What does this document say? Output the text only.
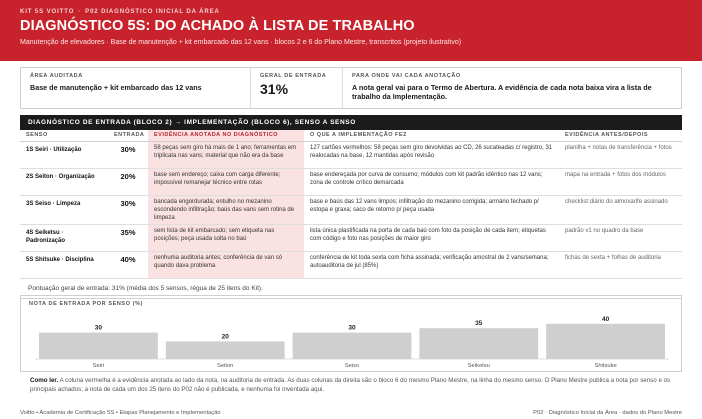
KIT 5S VOITTO · P02 DIAGNÓSTICO INICIAL DA ÁREA
DIAGNÓSTICO 5S: DO ACHADO À LISTA DE TRABALHO
Manutenção de elevadores · Base de manutenção + kit embarcado das 12 vans · blocos 2 e 6 do Plano Mestre, transcritos (projeto ilustrativo)
ÁREA AUDITADA
Base de manutenção + kit embarcado das 12 vans
GERAL DE ENTRADA
31%
PARA ONDE VAI CADA ANOTAÇÃO
A nota geral vai para o Termo de Abertura. A evidência de cada nota baixa vira a lista de trabalho da Implementação.
DIAGNÓSTICO DE ENTRADA (BLOCO 2) → IMPLEMENTAÇÃO (BLOCO 6), SENSO A SENSO
SENSO	ENTRADA	EVIDÊNCIA ANOTADA NO DIAGNÓSTICO	O QUE A IMPLEMENTAÇÃO FEZ	EVIDÊNCIA ANTES/DEPOIS
1S Seiri · Utilização	30%	58 peças sem giro há mais de 1 ano; ferramentas em triplicata nas vans; material que não era da base	127 cartões vermelhos: 58 peças sem giro devolvidas ao CD, 26 sucateadas c/ registro, 31 realocadas na base, 12 mantidas após revisão	planilha + notas de transferência + fotos
2S Seiton · Organização	20%	base sem endereço; caixa com carga diferente; impossível remanejar técnico entre rotas	base endereçada por curva de consumo; módulos com kit padrão idêntico nas 12 vans; zona de controle crítico demarcada	mapa na entrada + fotos dos módulos
3S Seiso · Limpeza	30%	bancada engordurada; entulho no mezanino escondendo infiltração; baús das vans sem rotina de limpeza	base e baús das 12 vans limpos; infiltração do mezanino corrigida; armário fechado p/ estopa e graxa; saco de retorno p/ peça usada	checklist diário do almoxarife assinado
4S Seiketsu · Padronização	35%	sem lista de kit embarcado; sem etiqueta nas posições; peça usada solta no baú	lista única plastificada na porta de cada baú com foto da posição de cada item; etiquetas com código e foto nas posições de maior giro	padrão v1 no quadro da base
5S Shitsuke · Disciplina	40%	nenhuma auditoria antes; conferência de van só quando dava problema	conferência de kit toda sexta com ficha assinada; verificação amostral de 2 vans/semana; autoauditoria de jul (85%)	fichas de sexta + folhas de auditoria
Pontuação geral de entrada: 31% (média dos 5 sensos, régua de 25 itens do Kit).
NOTA DE ENTRADA POR SENSO (%)
30
Seiri
20
Seiton
30
Seiso
35
Seiketsu
40
Shitsuke
Como ler. A coluna vermelha é a evidência anotada ao lado da nota, na auditoria de entrada. As duas colunas da direita são o bloco 6 do mesmo Plano Mestre, na linha do mesmo senso. O Plano Mestre publica a nota por senso e os principais achados; a nota de cada um dos 25 itens do P02 não é publicada, e nenhuma foi inventada aqui.
Voitto • Academia de Certificação 5S • Etapas Planejamento e Implementação	P02 · Diagnóstico Inicial da Área · dados do Plano Mestre
